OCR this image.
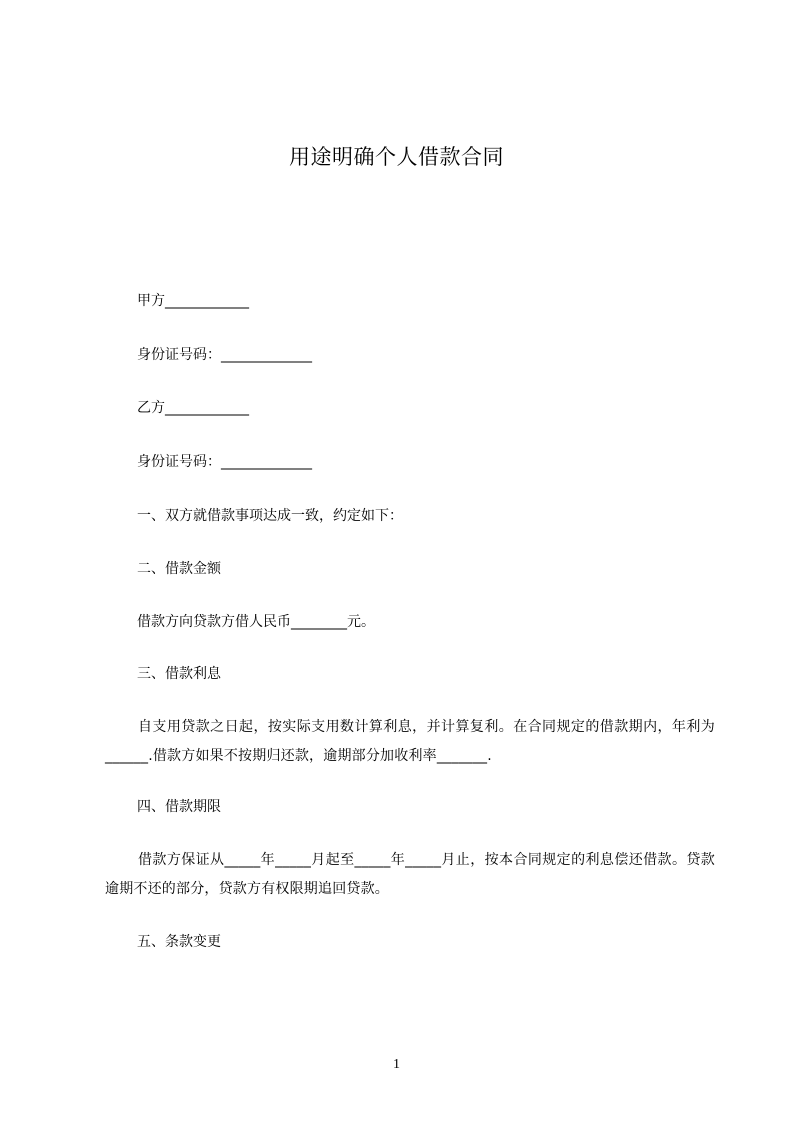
用途明确个人借款合同
甲方____________
身份证号码：_____________
乙方____________
身份证号码：_____________
一、双方就借款事项达成一致，约定如下：
二、借款金额
借款方向贷款方借人民币________元。
三、借款利息
自支用贷款之日起，按实际支用数计算利息，并计算复利。在合同规定的借款期内，年利为______.借款方如果不按期归还款，逾期部分加收利率_______.
四、借款期限
借款方保证从_____年_____月起至_____年_____月止，按本合同规定的利息偿还借款。贷款逾期不还的部分，贷款方有权限期追回贷款。
五、条款变更
1
